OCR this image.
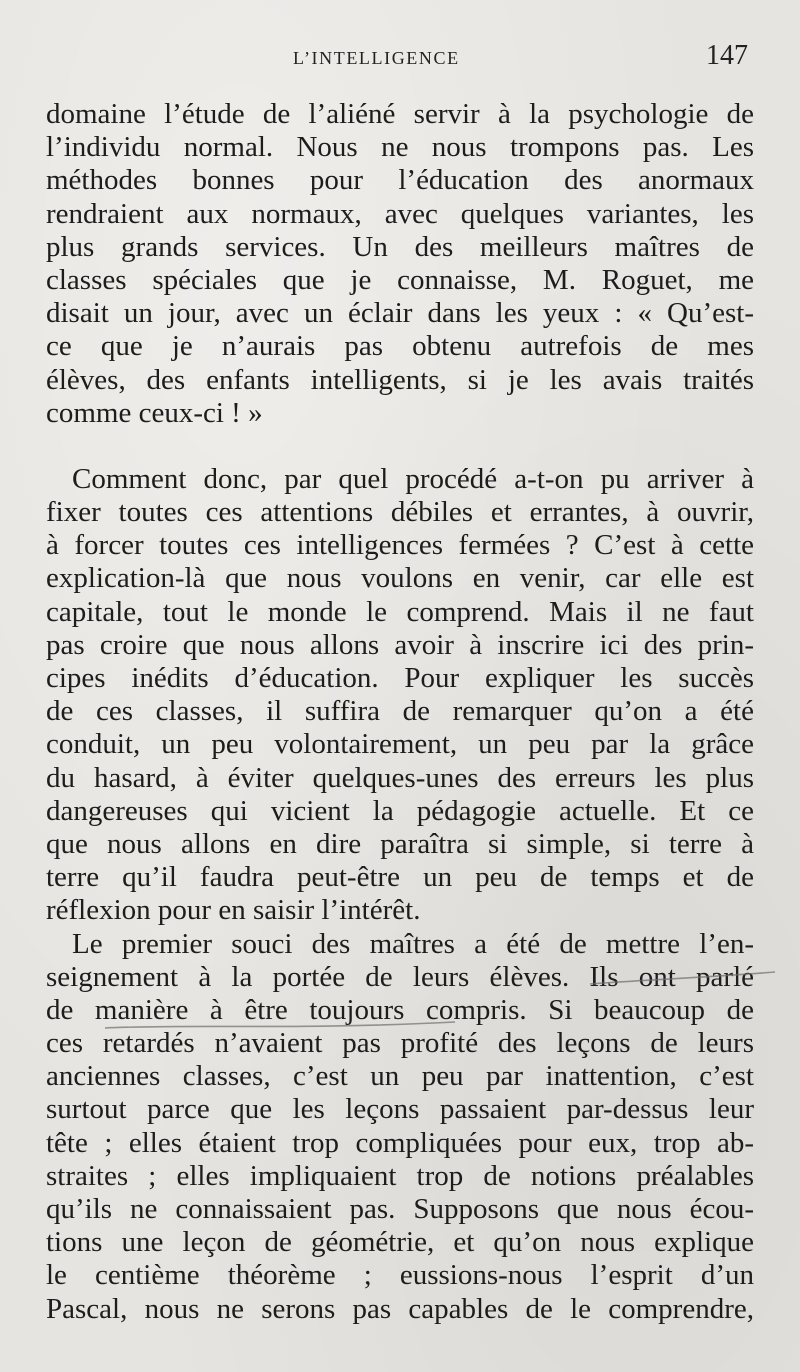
L’INTELLIGENCE	147
domaine l’étude de l’aliéné servir à la psychologie de
l’individu normal. Nous ne nous trompons pas. Les
méthodes bonnes pour l’éducation des anormaux
rendraient aux normaux, avec quelques variantes, les
plus grands services. Un des meilleurs maîtres de
classes spéciales que je connaisse, M. Roguet, me
disait un jour, avec un éclair dans les yeux : « Qu’est-
ce que je n’aurais pas obtenu autrefois de mes
élèves, des enfants intelligents, si je les avais traités
comme ceux-ci ! »
Comment donc, par quel procédé a-t-on pu arriver à
fixer toutes ces attentions débiles et errantes, à ouvrir,
à forcer toutes ces intelligences fermées ? C’est à cette
explication-là que nous voulons en venir, car elle est
capitale, tout le monde le comprend. Mais il ne faut
pas croire que nous allons avoir à inscrire ici des prin-
cipes inédits d’éducation. Pour expliquer les succès
de ces classes, il suffira de remarquer qu’on a été
conduit, un peu volontairement, un peu par la grâce
du hasard, à éviter quelques-unes des erreurs les plus
dangereuses qui vicient la pédagogie actuelle. Et ce
que nous allons en dire paraîtra si simple, si terre à
terre qu’il faudra peut-être un peu de temps et de
réflexion pour en saisir l’intérêt.
Le premier souci des maîtres a été de mettre l’en-
seignement à la portée de leurs élèves. Ils ont parlé
de manière à être toujours compris. Si beaucoup de
ces retardés n’avaient pas profité des leçons de leurs
anciennes classes, c’est un peu par inattention, c’est
surtout parce que les leçons passaient par-dessus leur
tête ; elles étaient trop compliquées pour eux, trop ab-
straites ; elles impliquaient trop de notions préalables
qu’ils ne connaissaient pas. Supposons que nous écou-
tions une leçon de géométrie, et qu’on nous explique
le centième théorème ; eussions-nous l’esprit d’un
Pascal, nous ne serons pas capables de le comprendre,
